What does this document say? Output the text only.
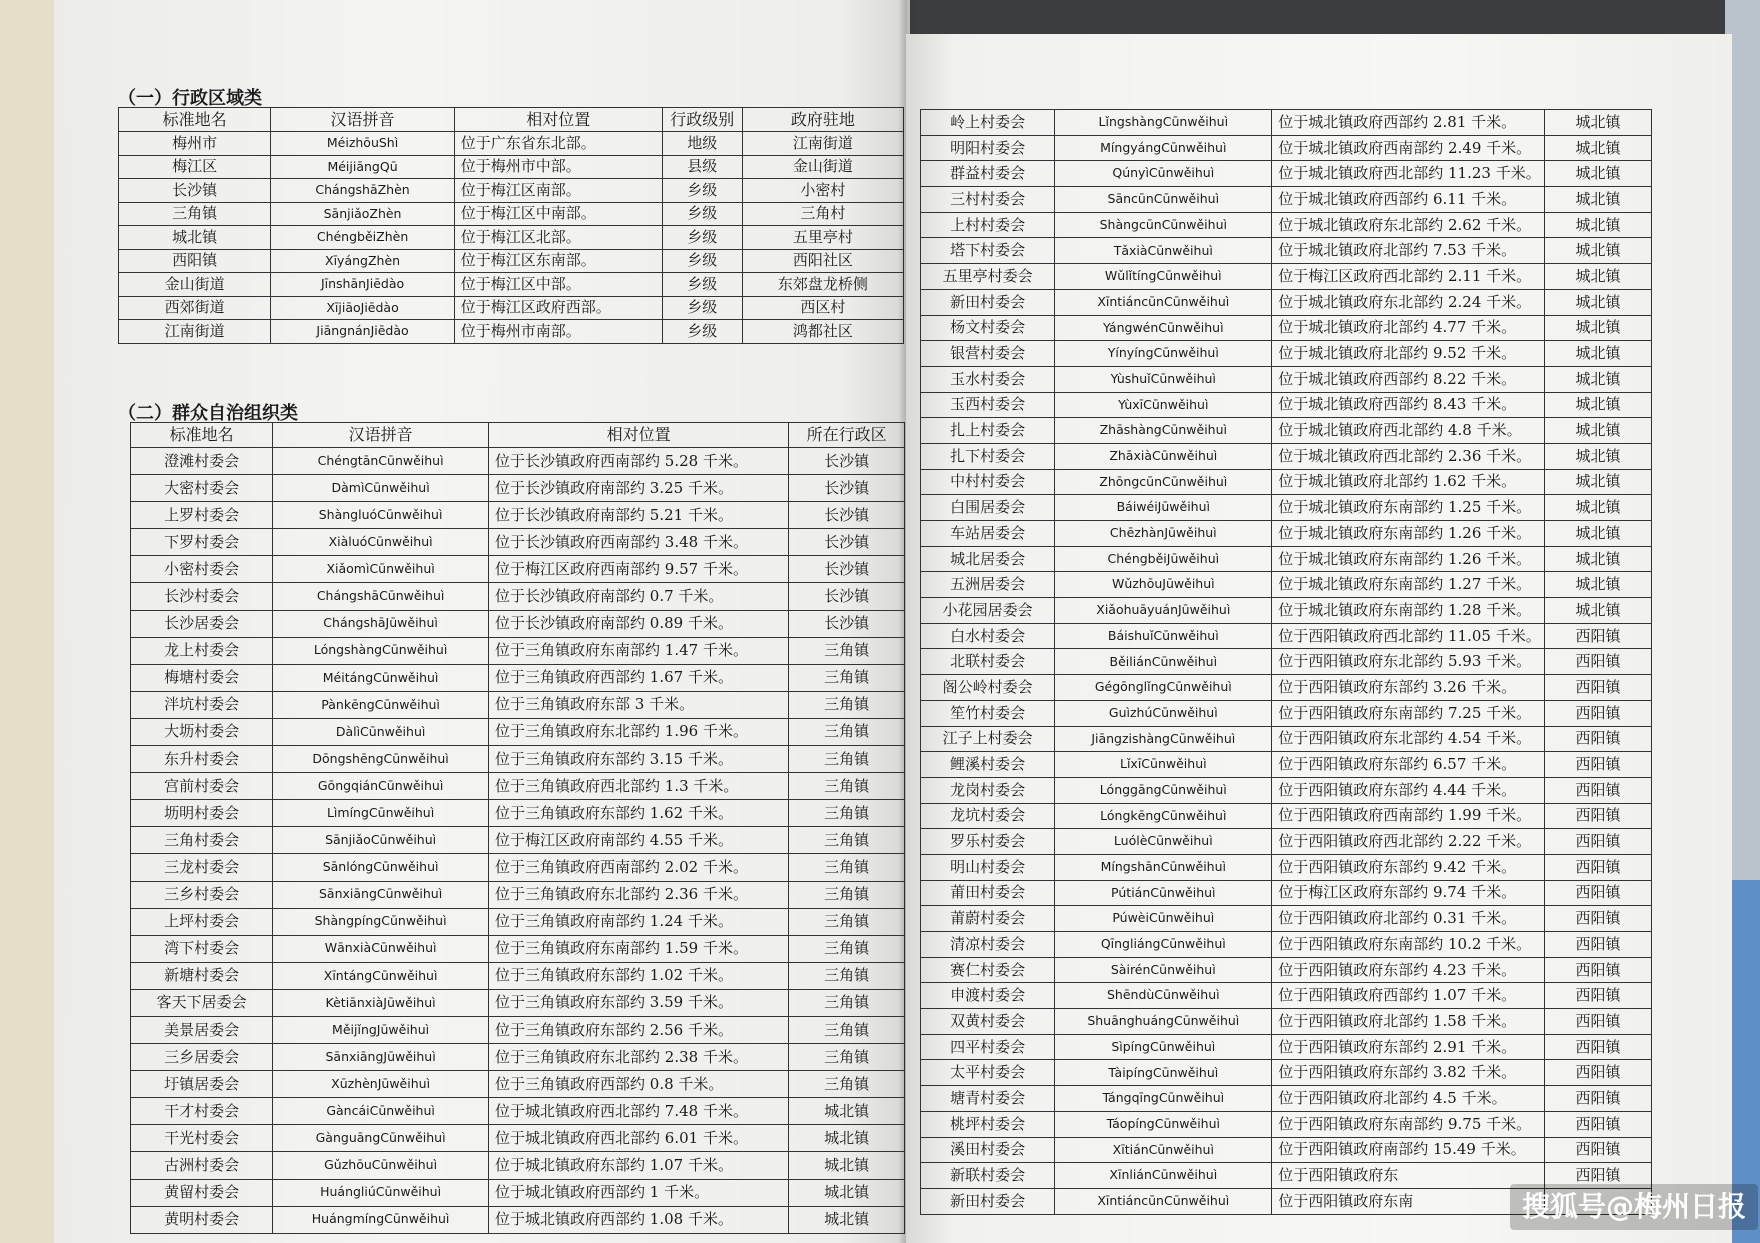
（一）行政区域类
标准地名	汉语拼音	相对位置	行政级别	政府驻地
梅州市	MéizhōuShì	位于广东省东北部。	地级	江南街道
梅江区	MéijiāngQū	位于梅州市中部。	县级	金山街道
长沙镇	ChángshāZhèn	位于梅江区南部。	乡级	小密村
三角镇	SānjiǎoZhèn	位于梅江区中南部。	乡级	三角村
城北镇	ChéngběiZhèn	位于梅江区北部。	乡级	五里亭村
西阳镇	XīyángZhèn	位于梅江区东南部。	乡级	西阳社区
金山街道	JīnshānJiēdào	位于梅江区中部。	乡级	东郊盘龙桥侧
西郊街道	XījiāoJiēdào	位于梅江区政府西部。	乡级	西区村
江南街道	JiāngnánJiēdào	位于梅州市南部。	乡级	鸿都社区
（二）群众自治组织类
标准地名	汉语拼音	相对位置	所在行政区
澄滩村委会	ChéngtānCūnwěihuì	位于长沙镇政府西南部约 5.28 千米。	长沙镇
大密村委会	DàmìCūnwěihuì	位于长沙镇政府南部约 3.25 千米。	长沙镇
上罗村委会	ShàngluóCūnwěihuì	位于长沙镇政府南部约 5.21 千米。	长沙镇
下罗村委会	XiàluóCūnwěihuì	位于长沙镇政府西南部约 3.48 千米。	长沙镇
小密村委会	XiǎomìCūnwěihuì	位于梅江区政府西南部约 9.57 千米。	长沙镇
长沙村委会	ChángshāCūnwěihuì	位于长沙镇政府南部约 0.7 千米。	长沙镇
长沙居委会	ChángshāJūwěihuì	位于长沙镇政府南部约 0.89 千米。	长沙镇
龙上村委会	LóngshàngCūnwěihuì	位于三角镇政府东南部约 1.47 千米。	三角镇
梅塘村委会	MéitángCūnwěihuì	位于三角镇政府西部约 1.67 千米。	三角镇
泮坑村委会	PànkēngCūnwěihuì	位于三角镇政府东部 3 千米。	三角镇
大坜村委会	DàlìCūnwěihuì	位于三角镇政府东北部约 1.96 千米。	三角镇
东升村委会	DōngshēngCūnwěihuì	位于三角镇政府东部约 3.15 千米。	三角镇
宫前村委会	GōngqiánCūnwěihuì	位于三角镇政府西北部约 1.3 千米。	三角镇
坜明村委会	LìmíngCūnwěihuì	位于三角镇政府东部约 1.62 千米。	三角镇
三角村委会	SānjiǎoCūnwěihuì	位于梅江区政府南部约 4.55 千米。	三角镇
三龙村委会	SānlóngCūnwěihuì	位于三角镇政府西南部约 2.02 千米。	三角镇
三乡村委会	SānxiāngCūnwěihuì	位于三角镇政府东北部约 2.36 千米。	三角镇
上坪村委会	ShàngpíngCūnwěihuì	位于三角镇政府南部约 1.24 千米。	三角镇
湾下村委会	WānxiàCūnwěihuì	位于三角镇政府东南部约 1.59 千米。	三角镇
新塘村委会	XīntángCūnwěihuì	位于三角镇政府东部约 1.02 千米。	三角镇
客天下居委会	KètiānxiàJūwěihuì	位于三角镇政府东部约 3.59 千米。	三角镇
美景居委会	MěijǐngJūwěihuì	位于三角镇政府东部约 2.56 千米。	三角镇
三乡居委会	SānxiāngJūwěihuì	位于三角镇政府东北部约 2.38 千米。	三角镇
圩镇居委会	XūzhènJūwěihuì	位于三角镇政府西部约 0.8 千米。	三角镇
干才村委会	GàncáiCūnwěihuì	位于城北镇政府西北部约 7.48 千米。	城北镇
干光村委会	GànguāngCūnwěihuì	位于城北镇政府西北部约 6.01 千米。	城北镇
古洲村委会	GǔzhōuCūnwěihuì	位于城北镇政府东部约 1.07 千米。	城北镇
黄留村委会	HuángliúCūnwěihuì	位于城北镇政府西部约 1 千米。	城北镇
黄明村委会	HuángmíngCūnwěihuì	位于城北镇政府西部约 1.08 千米。	城北镇
岭上村委会	LǐngshàngCūnwěihuì	位于城北镇政府西部约 2.81 千米。	城北镇
明阳村委会	MíngyángCūnwěihuì	位于城北镇政府西南部约 2.49 千米。	城北镇
群益村委会	QúnyìCūnwěihuì	位于城北镇政府西北部约 11.23 千米。	城北镇
三村村委会	SāncūnCūnwěihuì	位于城北镇政府西部约 6.11 千米。	城北镇
上村村委会	ShàngcūnCūnwěihuì	位于城北镇政府东北部约 2.62 千米。	城北镇
塔下村委会	TǎxiàCūnwěihuì	位于城北镇政府北部约 7.53 千米。	城北镇
五里亭村委会	WǔlǐtíngCūnwěihuì	位于梅江区政府西北部约 2.11 千米。	城北镇
新田村委会	XīntiáncūnCūnwěihuì	位于城北镇政府东北部约 2.24 千米。	城北镇
杨文村委会	YángwénCūnwěihuì	位于城北镇政府北部约 4.77 千米。	城北镇
银营村委会	YínyíngCūnwěihuì	位于城北镇政府北部约 9.52 千米。	城北镇
玉水村委会	YùshuǐCūnwěihuì	位于城北镇政府西部约 8.22 千米。	城北镇
玉西村委会	YùxīCūnwěihuì	位于城北镇政府西部约 8.43 千米。	城北镇
扎上村委会	ZhāshàngCūnwěihuì	位于城北镇政府西北部约 4.8 千米。	城北镇
扎下村委会	ZhāxiàCūnwěihuì	位于城北镇政府西北部约 2.36 千米。	城北镇
中村村委会	ZhōngcūnCūnwěihuì	位于城北镇政府北部约 1.62 千米。	城北镇
白围居委会	BáiwéiJūwěihuì	位于城北镇政府东南部约 1.25 千米。	城北镇
车站居委会	ChēzhànJūwěihuì	位于城北镇政府东南部约 1.26 千米。	城北镇
城北居委会	ChéngběiJūwěihuì	位于城北镇政府东南部约 1.26 千米。	城北镇
五洲居委会	WǔzhōuJūwěihuì	位于城北镇政府东南部约 1.27 千米。	城北镇
小花园居委会	XiǎohuāyuánJūwěihuì	位于城北镇政府东南部约 1.28 千米。	城北镇
白水村委会	BáishuǐCūnwěihuì	位于西阳镇政府西北部约 11.05 千米。	西阳镇
北联村委会	BěiliánCūnwěihuì	位于西阳镇政府东北部约 5.93 千米。	西阳镇
阁公岭村委会	GégōnglǐngCūnwěihuì	位于西阳镇政府东部约 3.26 千米。	西阳镇
笙竹村委会	GuìzhúCūnwěihuì	位于西阳镇政府东南部约 7.25 千米。	西阳镇
江子上村委会	JiāngzishàngCūnwěihuì	位于西阳镇政府东北部约 4.54 千米。	西阳镇
鲤溪村委会	LǐxīCūnwěihuì	位于西阳镇政府东部约 6.57 千米。	西阳镇
龙岗村委会	LónggāngCūnwěihuì	位于西阳镇政府东部约 4.44 千米。	西阳镇
龙坑村委会	LóngkēngCūnwěihuì	位于西阳镇政府西南部约 1.99 千米。	西阳镇
罗乐村委会	LuólèCūnwěihuì	位于西阳镇政府西北部约 2.22 千米。	西阳镇
明山村委会	MíngshānCūnwěihuì	位于西阳镇政府东部约 9.42 千米。	西阳镇
莆田村委会	PútiánCūnwěihuì	位于梅江区政府东部约 9.74 千米。	西阳镇
莆蔚村委会	PúwèiCūnwěihuì	位于西阳镇政府北部约 0.31 千米。	西阳镇
清凉村委会	QīngliángCūnwěihuì	位于西阳镇政府东南部约 10.2 千米。	西阳镇
赛仁村委会	SàirénCūnwěihuì	位于西阳镇政府东部约 4.23 千米。	西阳镇
申渡村委会	ShēndùCūnwěihuì	位于西阳镇政府西部约 1.07 千米。	西阳镇
双黄村委会	ShuānghuángCūnwěihuì	位于西阳镇政府北部约 1.58 千米。	西阳镇
四平村委会	SìpíngCūnwěihuì	位于西阳镇政府东部约 2.91 千米。	西阳镇
太平村委会	TàipíngCūnwěihuì	位于西阳镇政府东部约 3.82 千米。	西阳镇
塘青村委会	TángqīngCūnwěihuì	位于西阳镇政府北部约 4.5 千米。	西阳镇
桃坪村委会	TáopíngCūnwěihuì	位于西阳镇政府东南部约 9.75 千米。	西阳镇
溪田村委会	XītiánCūnwěihuì	位于西阳镇政府南部约 15.49 千米。	西阳镇
新联村委会	XīnliánCūnwěihuì	位于西阳镇政府东	西阳镇
新田村委会	XīntiáncūnCūnwěihuì	位于西阳镇政府东南		搜狐号@梅州日报
